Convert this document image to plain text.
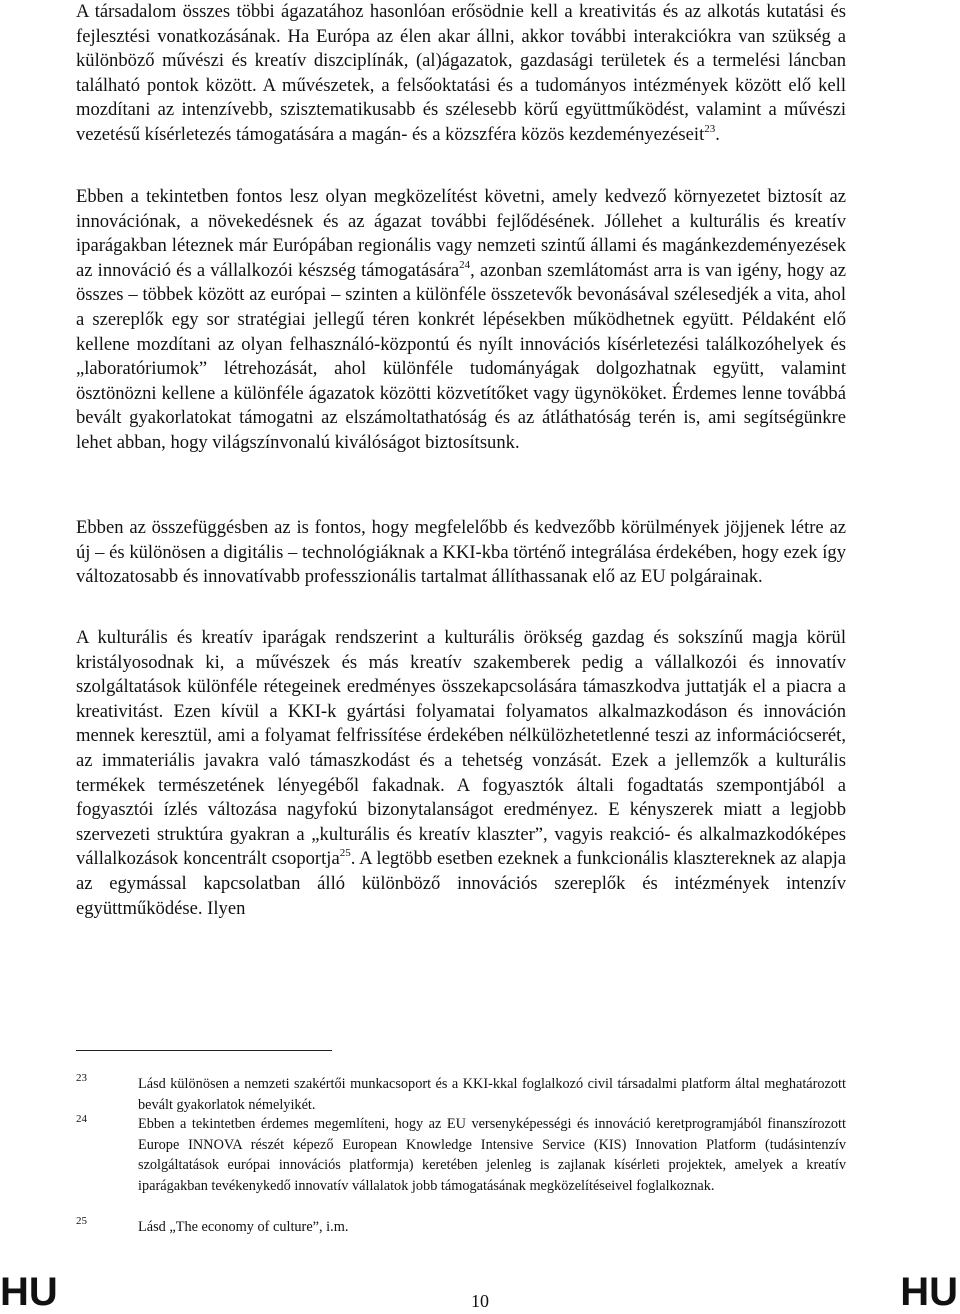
A társadalom összes többi ágazatához hasonlóan erősödnie kell a kreativitás és az alkotás kutatási és fejlesztési vonatkozásának. Ha Európa az élen akar állni, akkor további interakciókra van szükség a különböző művészi és kreatív diszciplínák, (al)ágazatok, gazdasági területek és a termelési láncban található pontok között. A művészetek, a felsőoktatási és a tudományos intézmények között elő kell mozdítani az intenzívebb, szisztematikusabb és szélesebb körű együttműködést, valamint a művészi vezetésű kísérletezés támogatására a magán- és a közszféra közös kezdeményezéseit$^{23}$.

Ebben a tekintetben fontos lesz olyan megközelítést követni, amely kedvező környezetet biztosít az innovációnak, a növekedésnek és az ágazat további fejlődésének. Jóllehet a kulturális és kreatív iparágakban léteznek már Európában regionális vagy nemzeti szintű állami és magánkezdeményezések az innováció és a vállalkozói készség támogatására$^{24}$, azonban szemlátomást arra is van igény, hogy az összes – többek között az európai – szinten a különféle összetevők bevonásával szélesedjék a vita, ahol a szereplők egy sor stratégiai jellegű téren konkrét lépésekben működhetnek együtt. Példaként elő kellene mozdítani az olyan felhasználó-központú és nyílt innovációs kísérletezési találkozóhelyek és „laboratóriumok” létrehozását, ahol különféle tudományágak dolgozhatnak együtt, valamint ösztönözni kellene a különféle ágazatok közötti közvetítőket vagy ügynököket. Érdemes lenne továbbá bevált gyakorlatokat támogatni az elszámoltathatóság és az átláthatóság terén is, ami segítségünkre lehet abban, hogy világszínvonalú kiválóságot biztosítsunk.

Ebben az összefüggésben az is fontos, hogy megfelelőbb és kedvezőbb körülmények jöjjenek létre az új – és különösen a digitális – technológiáknak a KKI-kba történő integrálása érdekében, hogy ezek így változatosabb és innovatívabb professzionális tartalmat állíthassanak elő az EU polgárainak.

A kulturális és kreatív iparágak rendszerint a kulturális örökség gazdag és sokszínű magja körül kristályosodnak ki, a művészek és más kreatív szakemberek pedig a vállalkozói és innovatív szolgáltatások különféle rétegeinek eredményes összekapcsolására támaszkodva juttatják el a piacra a kreativitást. Ezen kívül a KKI-k gyártási folyamatai folyamatos alkalmazkodáson és innováción mennek keresztül, ami a folyamat felfrissítése érdekében nélkülözhetetlenné teszi az információcserét, az immateriális javakra való támaszkodást és a tehetség vonzását. Ezek a jellemzők a kulturális termékek természetének lényegéből fakadnak. A fogyasztók általi fogadtatás szempontjából a fogyasztói ízlés változása nagyfokú bizonytalanságot eredményez. E kényszerek miatt a legjobb szervezeti struktúra gyakran a „kulturális és kreatív klaszter”, vagyis reakció- és alkalmazkodóképes vállalkozások koncentrált csoportja$^{25}$. A legtöbb esetben ezeknek a funkcionális klasztereknek az alapja az egymással kapcsolatban álló különböző innovációs szereplők és intézmények intenzív együttműködése. Ilyen

23	Lásd különösen a nemzeti szakértői munkacsoport és a KKI-kkal foglalkozó civil társadalmi platform által meghatározott bevált gyakorlatok némelyikét.

24	Ebben a tekintetben érdemes megemlíteni, hogy az EU versenyképességi és innováció keretprogramjából finanszírozott Europe INNOVA részét képező European Knowledge Intensive Service (KIS) Innovation Platform (tudásintenzív szolgáltatások európai innovációs platformja) keretében jelenleg is zajlanak kísérleti projektek, amelyek a kreatív iparágakban tevékenykedő innovatív vállalatok jobb támogatásának megközelítéseivel foglalkoznak.

25	Lásd „The economy of culture”, i.m.

HU	10	HU
